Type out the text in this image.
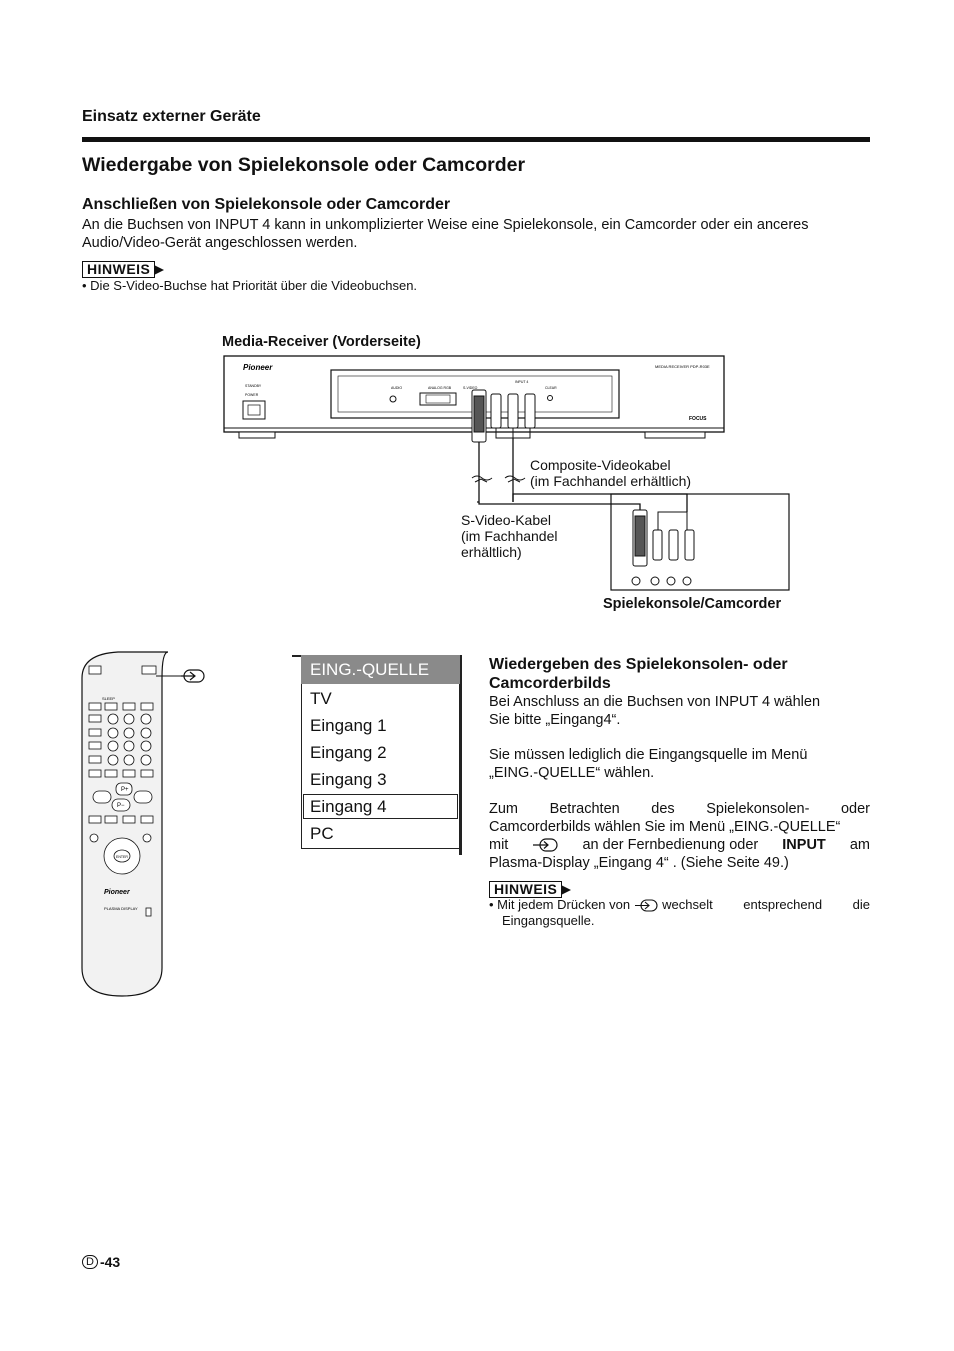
Einsatz externer Geräte
Wiedergabe von Spielekonsole oder Camcorder
Anschließen von Spielekonsole oder Camcorder
An die Buchsen von INPUT 4 kann in unkomplizierter Weise eine Spielekonsole, ein Camcorder oder ein anceres
Audio/Video-Gerät angeschlossen werden.
HINWEIS
• Die S-Video-Buchse hat Priorität über die Videobuchsen.
Media-Receiver (Vorderseite)
Pioneer	MEDIA RECEIVER PDP-R03E
FOCUS
STANDBY
POWER
AUDIO	ANALOG RGB	S-VIDEO
INPUT 4
CLEAR
Composite-Videokabel
(im Fachhandel erhältlich)
S-Video-Kabel
(im Fachhandel
erhältlich)
Spielekonsole/Camcorder
SLEEP
P+
P−
ENTER
Pioneer
PLASMA DISPLAY
EING.-QUELLE
TV
Eingang 1
Eingang 2
Eingang 3
Eingang 4
PC
Wiedergeben des Spielekonsolen- oder
Camcorderbilds
Bei Anschluss an die Buchsen von INPUT 4 wählen
Sie bitte „Eingang4“.
Sie müssen lediglich die Eingangsquelle im Menü
„EING.-QUELLE“ wählen.
Zum Betrachten des Spielekonsolen- oder
Camcorderbilds wählen Sie im Menü „EING.-QUELLE“
mit	an der Fernbedienung oder INPUT am
Plasma-Display „Eingang 4“ . (Siehe Seite 49.)
HINWEIS
• Mit jedem Drücken von wechselt entsprechend die
Eingangsquelle.
D -43
